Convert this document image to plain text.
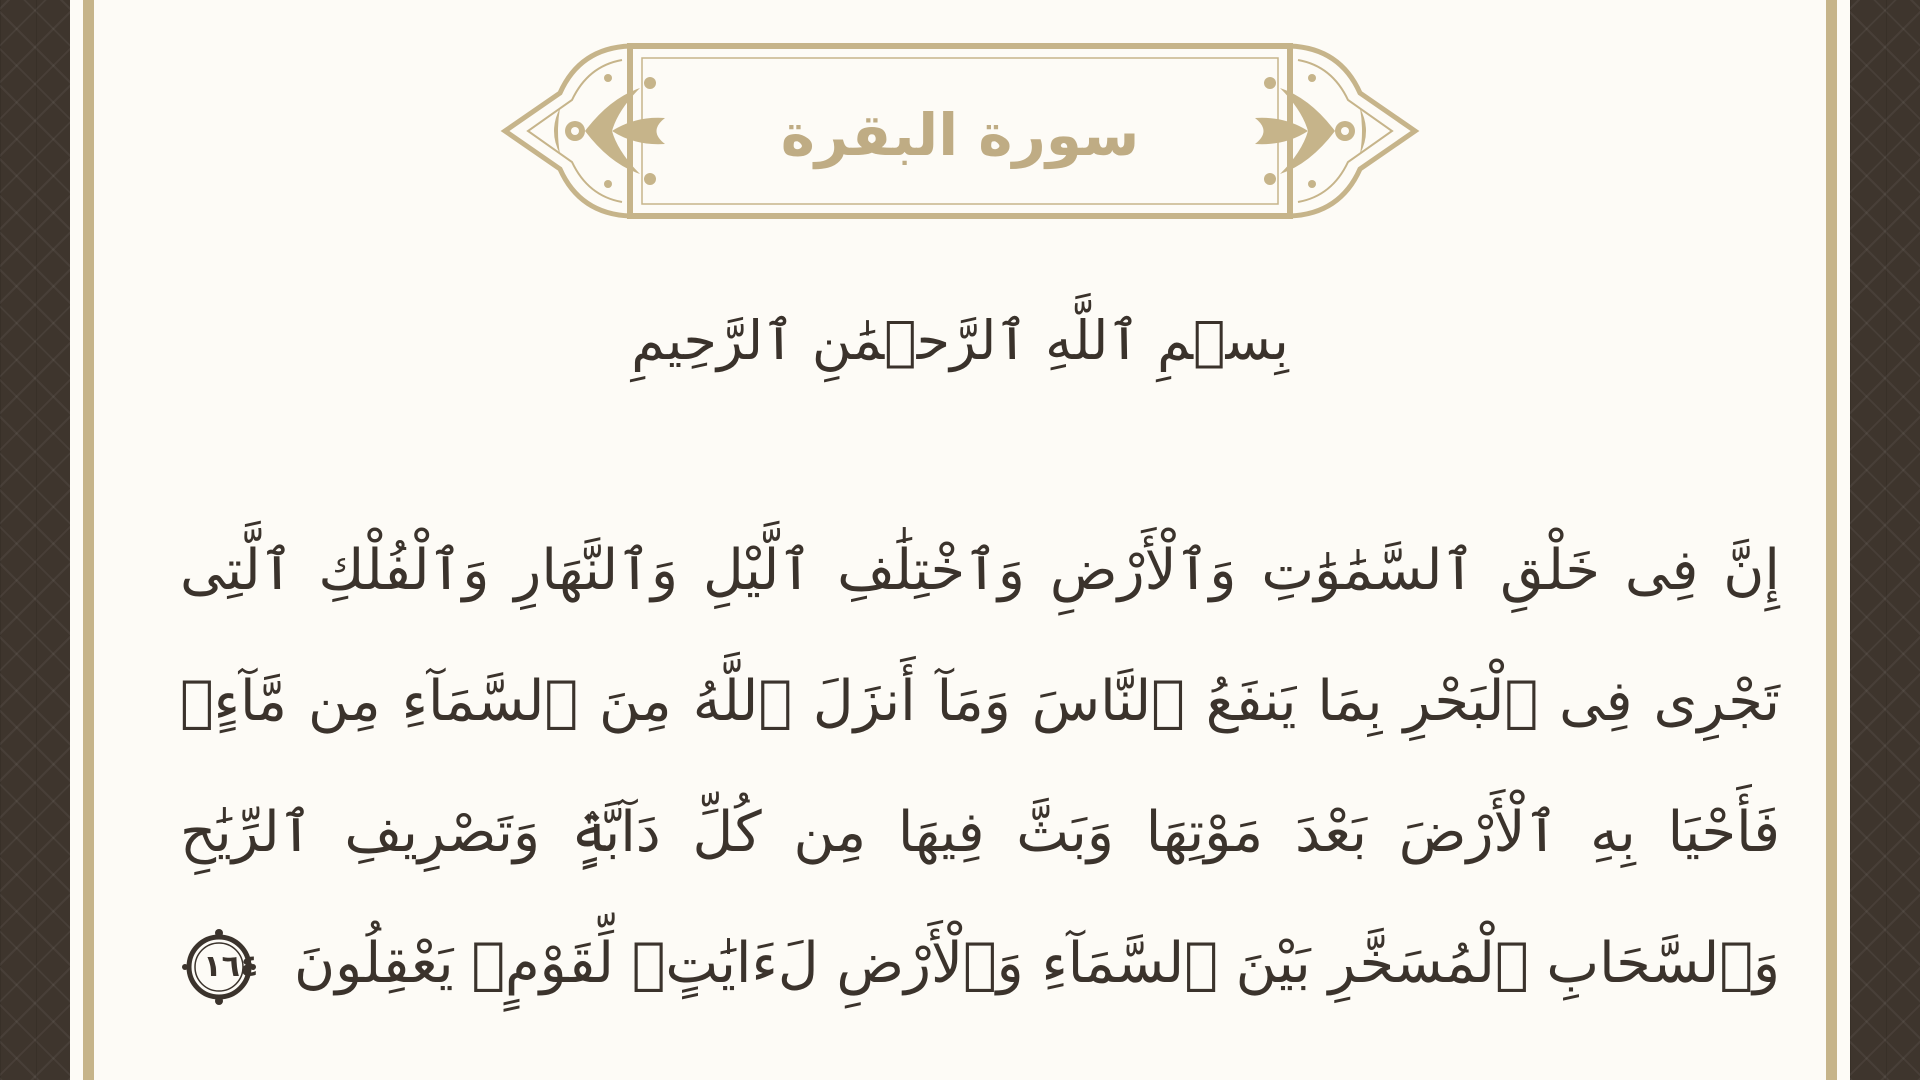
سورة البقرة
بِسۡمِ ٱللَّهِ ٱلرَّحۡمَٰنِ ٱلرَّحِيمِ
إِنَّ فِى خَلْقِ ٱلسَّمَٰوَٰتِ وَٱلْأَرْضِ وَٱخْتِلَٰفِ ٱلَّيْلِ وَٱلنَّهَارِ وَٱلْفُلْكِ ٱلَّتِى
تَجْرِى فِى ٱلْبَحْرِ بِمَا يَنفَعُ ٱلنَّاسَ وَمَآ أَنزَلَ ٱللَّهُ مِنَ ٱلسَّمَآءِ مِن مَّآءٍۢ
فَأَحْيَا بِهِ ٱلْأَرْضَ بَعْدَ مَوْتِهَا وَبَثَّ فِيهَا مِن كُلِّ دَآبَّةٍۢ وَتَصْرِيفِ ٱلرِّيَٰحِ
وَٱلسَّحَابِ ٱلْمُسَخَّرِ بَيْنَ ٱلسَّمَآءِ وَٱلْأَرْضِ لَءَايَٰتٍۢ لِّقَوْمٍۢ يَعْقِلُونَ
١٦٤
